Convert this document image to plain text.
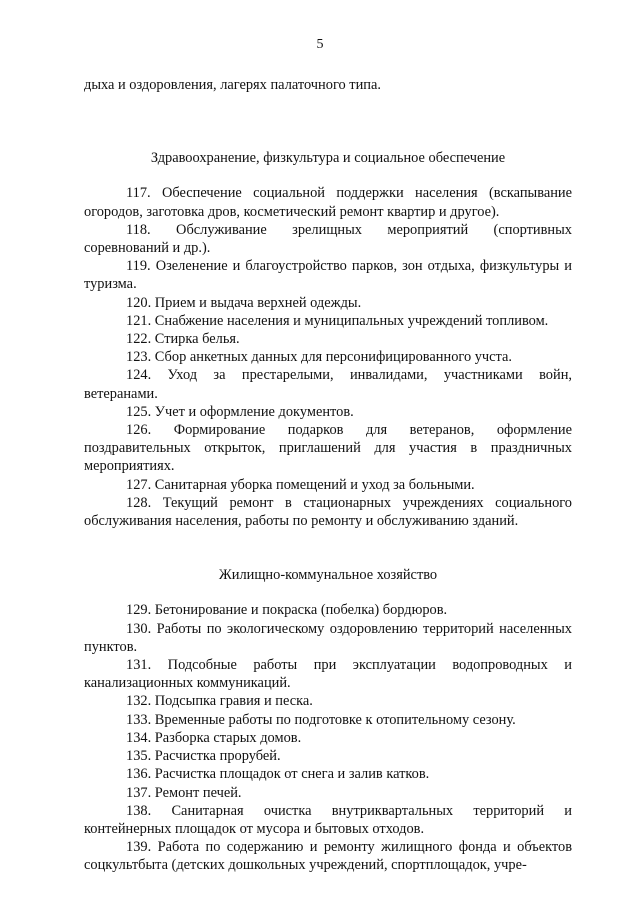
5

дыха и оздоровления, лагерях палаточного типа.

Здравоохранение, физкультура и социальное обеспечение

117. Обеспечение социальной поддержки населения (вскапывание огородов, заготовка дров, косметический ремонт квартир и другое).

118. Обслуживание зрелищных мероприятий (спортивных соревнований и др.).

119. Озеленение и благоустройство парков, зон отдыха, физкультуры и туризма.

120. Прием и выдача верхней одежды.

121. Снабжение населения и муниципальных учреждений топливом.

122. Стирка белья.

123. Сбор анкетных данных для персонифицированного учста.

124. Уход за престарелыми, инвалидами, участниками войн, ветеранами.

125. Учет и оформление документов.

126. Формирование подарков для ветеранов, оформление поздравительных открыток, приглашений для участия в праздничных мероприятиях.

127. Санитарная уборка помещений и уход за больными.

128. Текущий ремонт в стационарных учреждениях социального обслуживания населения, работы по ремонту и обслуживанию зданий.

Жилищно-коммунальное хозяйство

129. Бетонирование и покраска (побелка) бордюров.

130. Работы по экологическому оздоровлению территорий населенных пунктов.

131. Подсобные работы при эксплуатации водопроводных и канализационных коммуникаций.

132. Подсыпка гравия и песка.

133. Временные работы по подготовке к отопительному сезону.

134. Разборка старых домов.

135. Расчистка прорубей.

136. Расчистка площадок от снега и залив катков.

137. Ремонт печей.

138. Санитарная очистка внутриквартальных территорий и контейнерных площадок от мусора и бытовых отходов.

139. Работа по содержанию и ремонту жилищного фонда и объектов соцкультбыта (детских дошкольных учреждений, спортплощадок, учре-
